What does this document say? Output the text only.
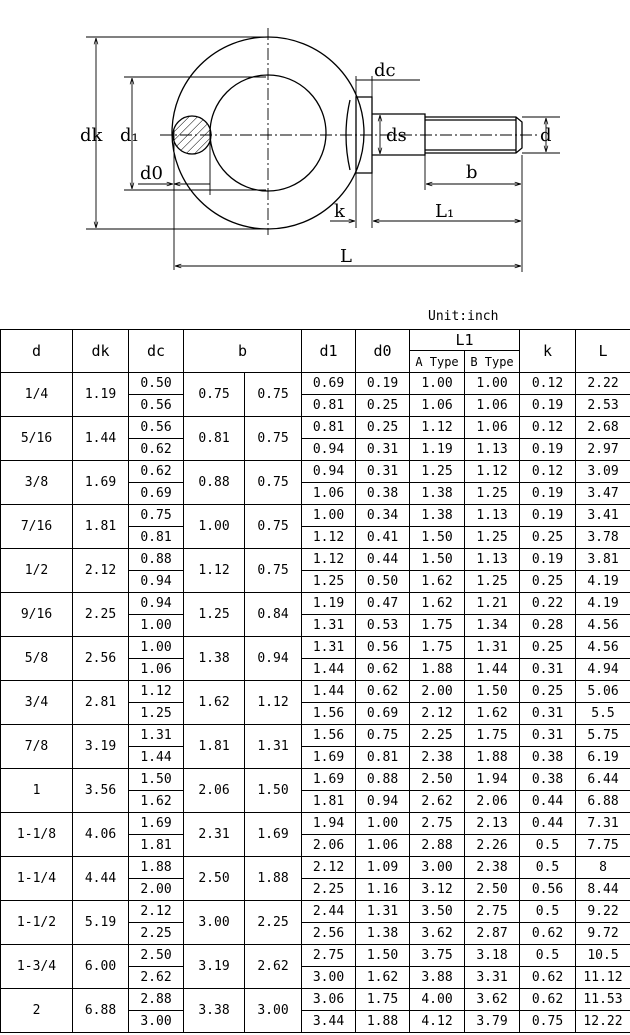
dk d₁
d0
dc
ds	d
b
k	L₁
L
Unit:inch
d	dk	dc	b		d1	d0	L1		k	L
							A Type	B Type		
1/4	1.19	0.50	0.75	0.75	0.69	0.19	1.00	1.00	0.12	2.22
		0.56			0.81	0.25	1.06	1.06	0.19	2.53
5/16	1.44	0.56	0.81	0.75	0.81	0.25	1.12	1.06	0.12	2.68
		0.62			0.94	0.31	1.19	1.13	0.19	2.97
3/8	1.69	0.62	0.88	0.75	0.94	0.31	1.25	1.12	0.12	3.09
		0.69			1.06	0.38	1.38	1.25	0.19	3.47
7/16	1.81	0.75	1.00	0.75	1.00	0.34	1.38	1.13	0.19	3.41
		0.81			1.12	0.41	1.50	1.25	0.25	3.78
1/2	2.12	0.88	1.12	0.75	1.12	0.44	1.50	1.13	0.19	3.81
		0.94			1.25	0.50	1.62	1.25	0.25	4.19
9/16	2.25	0.94	1.25	0.84	1.19	0.47	1.62	1.21	0.22	4.19
		1.00			1.31	0.53	1.75	1.34	0.28	4.56
5/8	2.56	1.00	1.38	0.94	1.31	0.56	1.75	1.31	0.25	4.56
		1.06			1.44	0.62	1.88	1.44	0.31	4.94
3/4	2.81	1.12	1.62	1.12	1.44	0.62	2.00	1.50	0.25	5.06
		1.25			1.56	0.69	2.12	1.62	0.31	5.5
7/8	3.19	1.31	1.81	1.31	1.56	0.75	2.25	1.75	0.31	5.75
		1.44			1.69	0.81	2.38	1.88	0.38	6.19
1	3.56	1.50	2.06	1.50	1.69	0.88	2.50	1.94	0.38	6.44
		1.62			1.81	0.94	2.62	2.06	0.44	6.88
1-1/8	4.06	1.69	2.31	1.69	1.94	1.00	2.75	2.13	0.44	7.31
		1.81			2.06	1.06	2.88	2.26	0.5	7.75
1-1/4	4.44	1.88	2.50	1.88	2.12	1.09	3.00	2.38	0.5	8
		2.00			2.25	1.16	3.12	2.50	0.56	8.44
1-1/2	5.19	2.12	3.00	2.25	2.44	1.31	3.50	2.75	0.5	9.22
		2.25			2.56	1.38	3.62	2.87	0.62	9.72
1-3/4	6.00	2.50	3.19	2.62	2.75	1.50	3.75	3.18	0.5	10.5
		2.62			3.00	1.62	3.88	3.31	0.62	11.12
2	6.88	2.88	3.38	3.00	3.06	1.75	4.00	3.62	0.62	11.53
		3.00			3.44	1.88	4.12	3.79	0.75	12.22
